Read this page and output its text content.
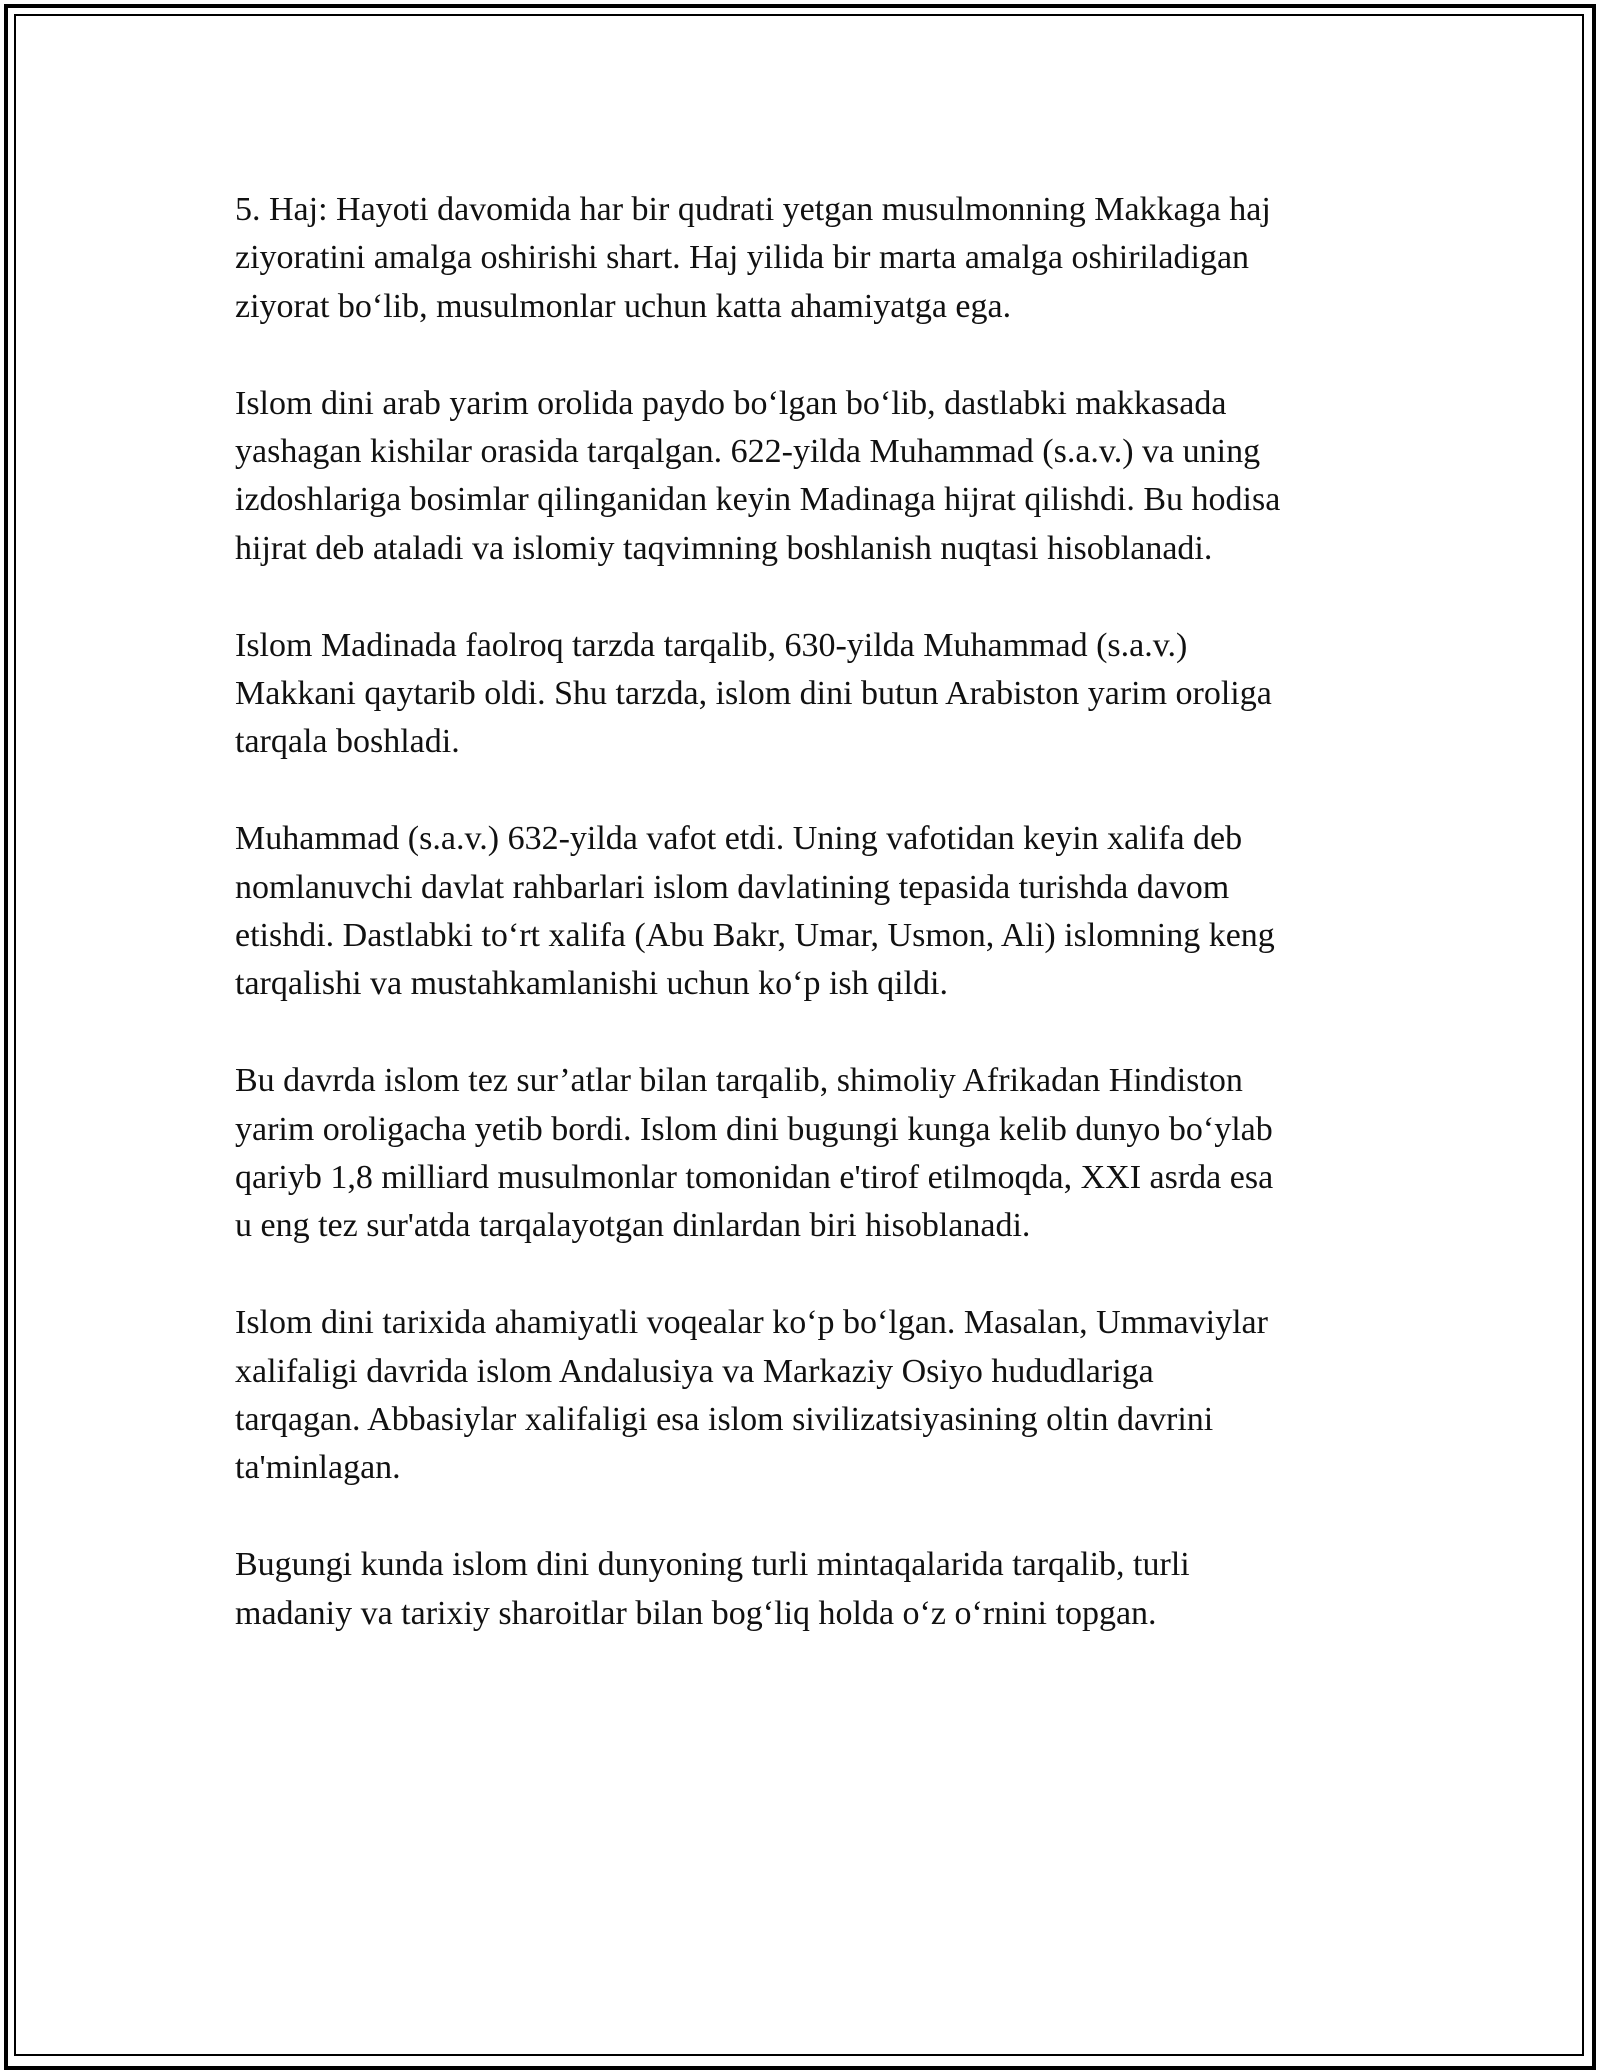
5. Haj: Hayoti davomida har bir qudrati yetgan musulmonning Makkaga haj
ziyoratini amalga oshirishi shart. Haj yilida bir marta amalga oshiriladigan
ziyorat bo‘lib, musulmonlar uchun katta ahamiyatga ega.

Islom dini arab yarim orolida paydo bo‘lgan bo‘lib, dastlabki makkasada
yashagan kishilar orasida tarqalgan. 622-yilda Muhammad (s.a.v.) va uning
izdoshlariga bosimlar qilinganidan keyin Madinaga hijrat qilishdi. Bu hodisa
hijrat deb ataladi va islomiy taqvimning boshlanish nuqtasi hisoblanadi.

Islom Madinada faolroq tarzda tarqalib, 630-yilda Muhammad (s.a.v.)
Makkani qaytarib oldi. Shu tarzda, islom dini butun Arabiston yarim oroliga
tarqala boshladi.

Muhammad (s.a.v.) 632-yilda vafot etdi. Uning vafotidan keyin xalifa deb
nomlanuvchi davlat rahbarlari islom davlatining tepasida turishda davom
etishdi. Dastlabki to‘rt xalifa (Abu Bakr, Umar, Usmon, Ali) islomning keng
tarqalishi va mustahkamlanishi uchun ko‘p ish qildi.

Bu davrda islom tez sur’atlar bilan tarqalib, shimoliy Afrikadan Hindiston
yarim oroligacha yetib bordi. Islom dini bugungi kunga kelib dunyo bo‘ylab
qariyb 1,8 milliard musulmonlar tomonidan e'tirof etilmoqda, XXI asrda esa
u eng tez sur'atda tarqalayotgan dinlardan biri hisoblanadi.

Islom dini tarixida ahamiyatli voqealar ko‘p bo‘lgan. Masalan, Ummaviylar
xalifaligi davrida islom Andalusiya va Markaziy Osiyo hududlariga
tarqagan. Abbasiylar xalifaligi esa islom sivilizatsiyasining oltin davrini
ta'minlagan.

Bugungi kunda islom dini dunyoning turli mintaqalarida tarqalib, turli
madaniy va tarixiy sharoitlar bilan bog‘liq holda o‘z o‘rnini topgan.
